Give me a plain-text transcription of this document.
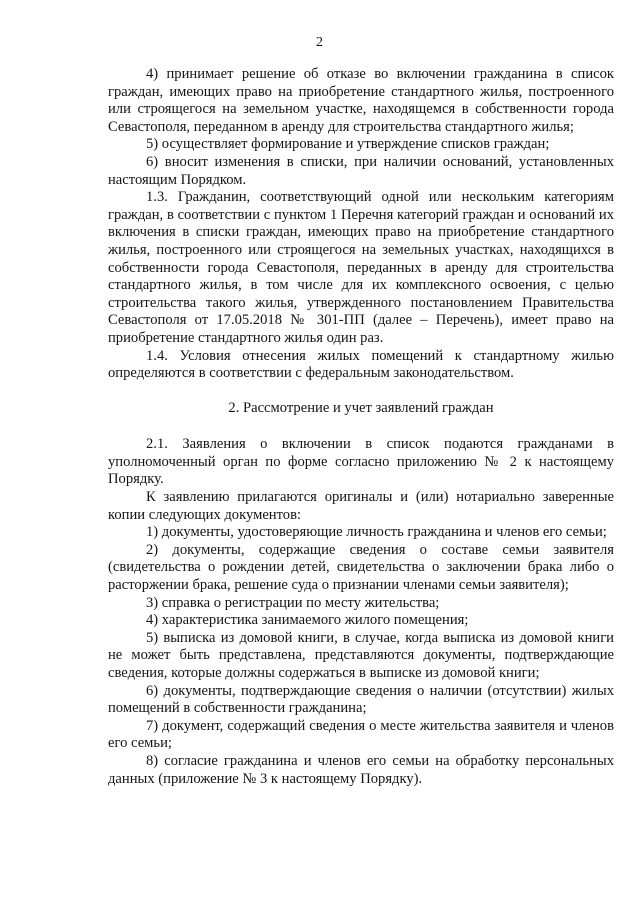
2

4) принимает решение об отказе во включении гражданина в список граждан, имеющих право на приобретение стандартного жилья, построенного или строящегося на земельном участке, находящемся в собственности города Севастополя, переданном в аренду для строительства стандартного жилья;

5) осуществляет формирование и утверждение списков граждан;

6) вносит изменения в списки, при наличии оснований, установленных настоящим Порядком.

1.3. Гражданин, соответствующий одной или нескольким категориям граждан, в соответствии с пунктом 1 Перечня категорий граждан и оснований их включения в списки граждан, имеющих право на приобретение стандартного жилья, построенного или строящегося на земельных участках, находящихся в собственности города Севастополя, переданных в аренду для строительства стандартного жилья, в том числе для их комплексного освоения, с целью строительства такого жилья, утвержденного постановлением Правительства Севастополя от 17.05.2018 № 301-ПП (далее – Перечень), имеет право на приобретение стандартного жилья один раз.

1.4. Условия отнесения жилых помещений к стандартному жилью определяются в соответствии с федеральным законодательством.

2. Рассмотрение и учет заявлений граждан

2.1. Заявления о включении в список подаются гражданами в уполномоченный орган по форме согласно приложению № 2 к настоящему Порядку.

К заявлению прилагаются оригиналы и (или) нотариально заверенные копии следующих документов:

1) документы, удостоверяющие личность гражданина и членов его семьи;

2) документы, содержащие сведения о составе семьи заявителя (свидетельства о рождении детей, свидетельства о заключении брака либо о расторжении брака, решение суда о признании членами семьи заявителя);

3) справка о регистрации по месту жительства;

4) характеристика занимаемого жилого помещения;

5) выписка из домовой книги, в случае, когда выписка из домовой книги не может быть представлена, представляются документы, подтверждающие сведения, которые должны содержаться в выписке из домовой книги;

6) документы, подтверждающие сведения о наличии (отсутствии) жилых помещений в собственности гражданина;

7) документ, содержащий сведения о месте жительства заявителя и членов его семьи;

8) согласие гражданина и членов его семьи на обработку персональных данных (приложение № 3 к настоящему Порядку).
